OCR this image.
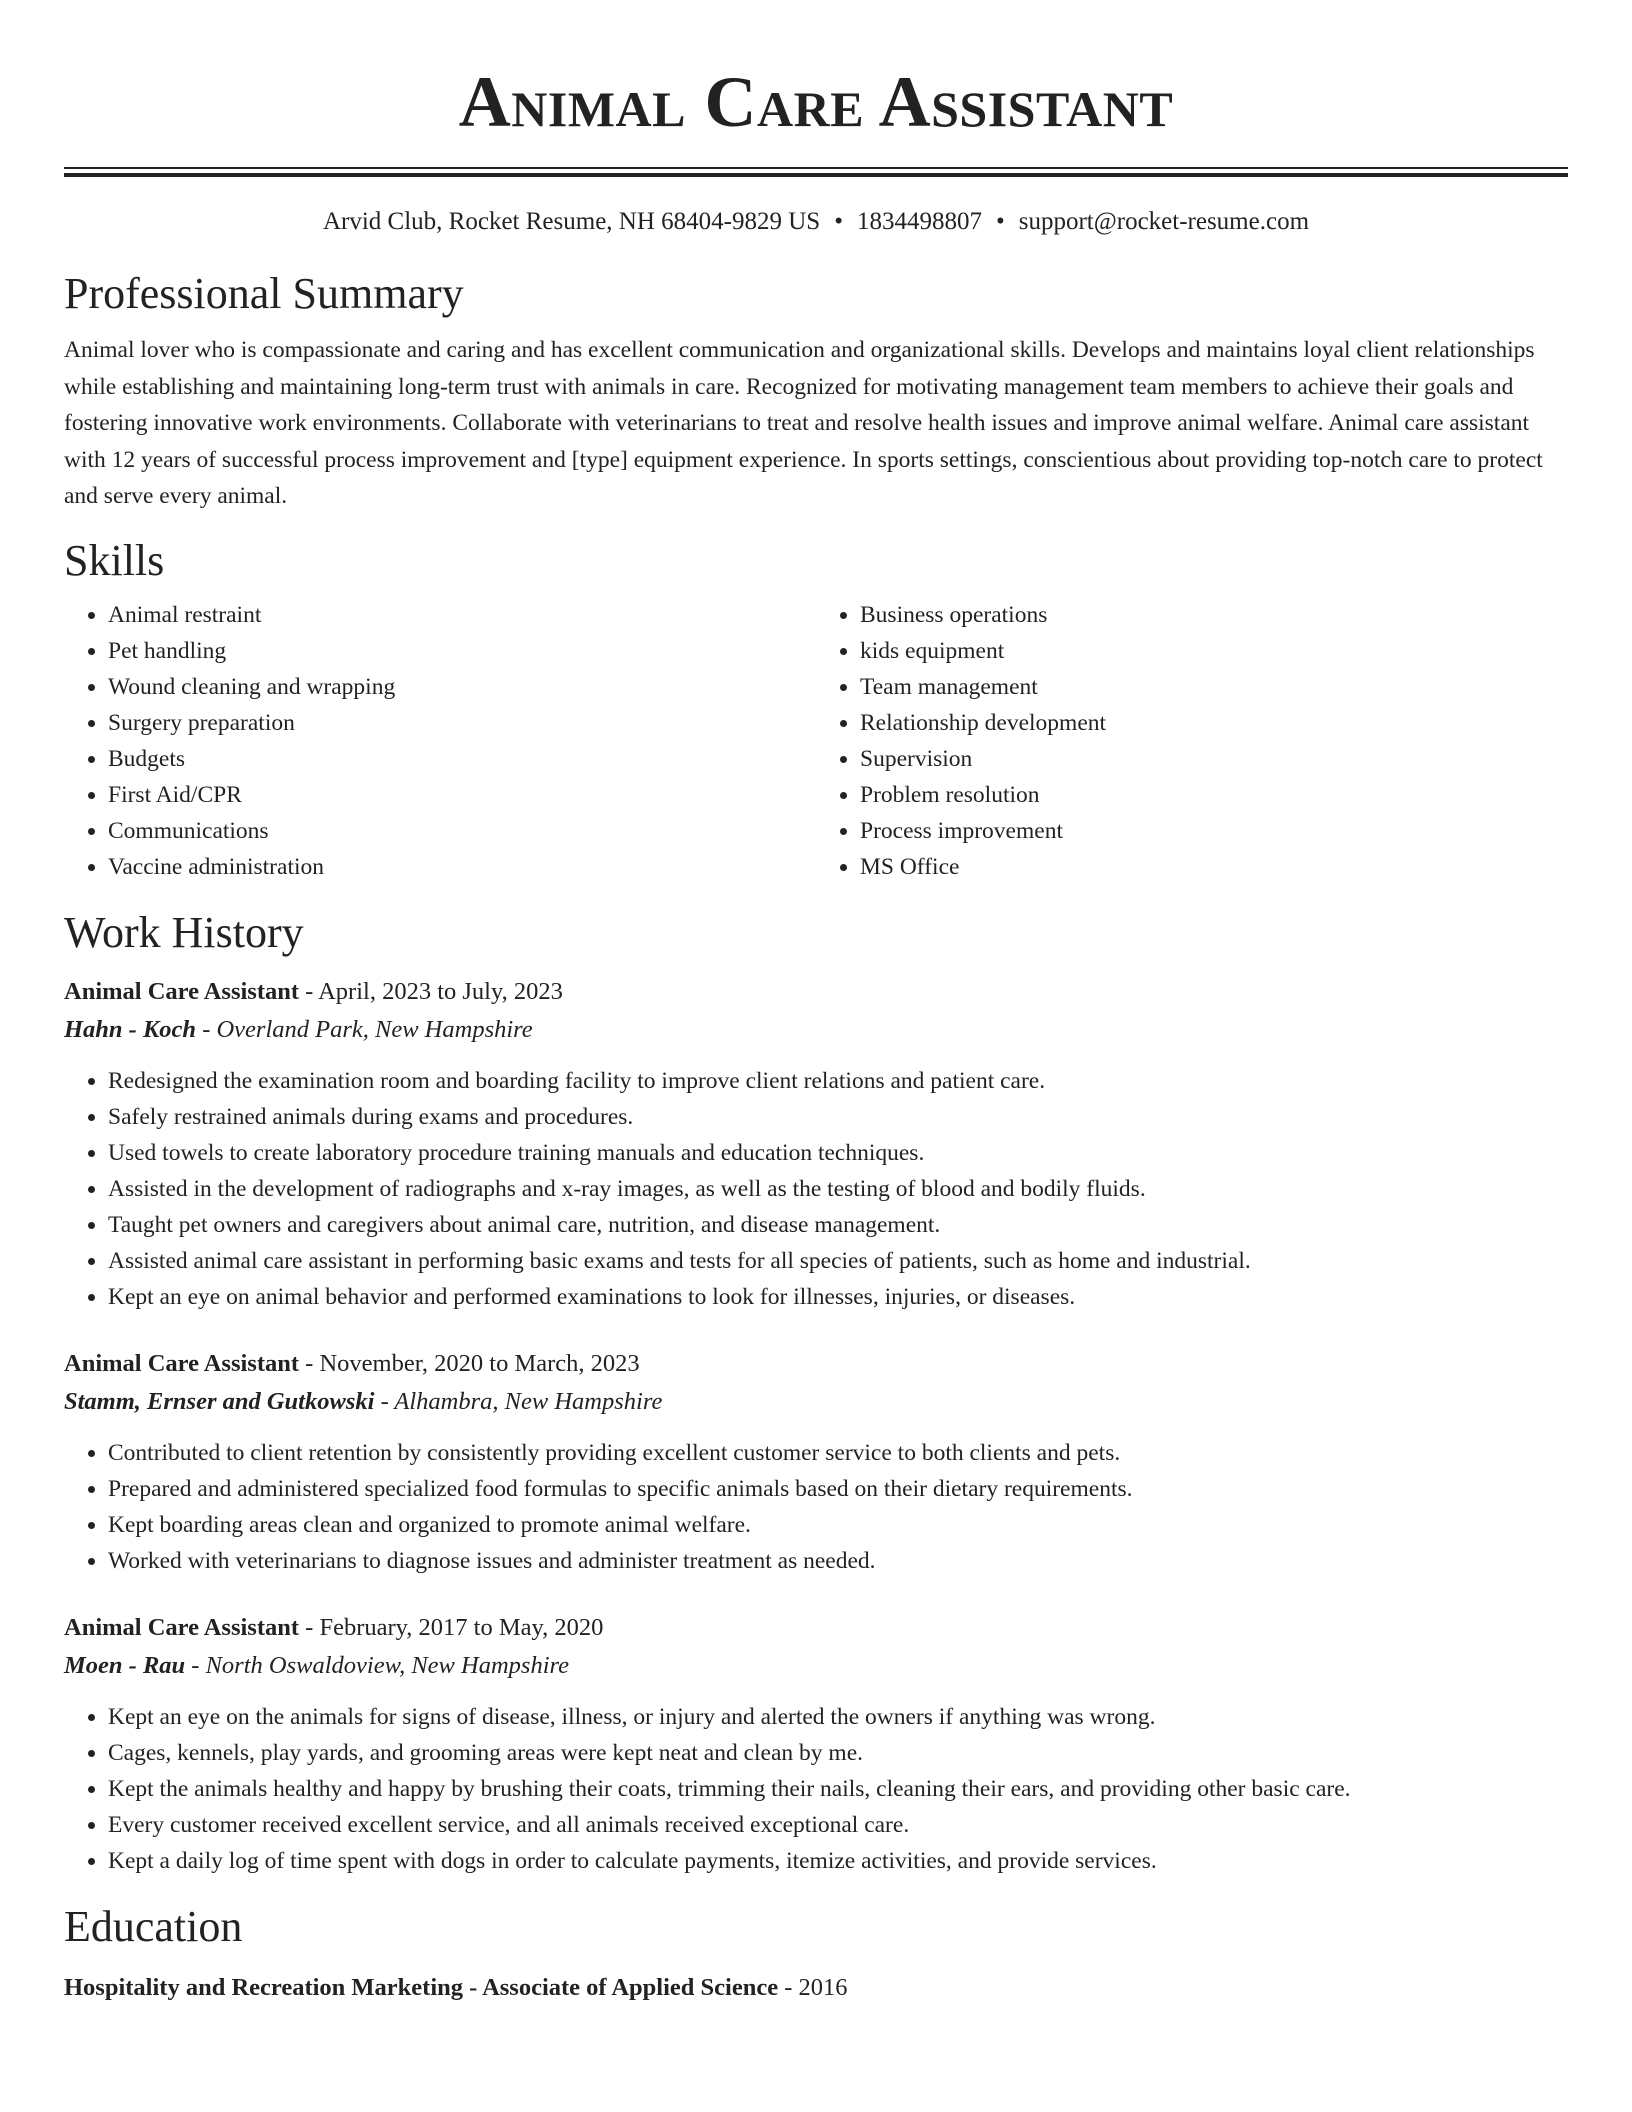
Animal Care Assistant
Arvid Club, Rocket Resume, NH 68404-9829 US • 1834498807 • support@rocket-resume.com
Professional Summary

Animal lover who is compassionate and caring and has excellent communication and organizational skills. Develops and maintains loyal client relationships while establishing and maintaining long-term trust with animals in care. Recognized for motivating management team members to achieve their goals and fostering innovative work environments. Collaborate with veterinarians to treat and resolve health issues and improve animal welfare. Animal care assistant with 12 years of successful process improvement and [type] equipment experience. In sports settings, conscientious about providing top-notch care to protect and serve every animal.

Skills
• Animal restraint
• Pet handling
• Wound cleaning and wrapping
• Surgery preparation
• Budgets
• First Aid/CPR
• Communications
• Vaccine administration
• Business operations
• kids equipment
• Team management
• Relationship development
• Supervision
• Problem resolution
• Process improvement
• MS Office
Work History
Animal Care Assistant - April, 2023 to July, 2023
Hahn - Koch - Overland Park, New Hampshire
• Redesigned the examination room and boarding facility to improve client relations and patient care.
• Safely restrained animals during exams and procedures.
• Used towels to create laboratory procedure training manuals and education techniques.
• Assisted in the development of radiographs and x-ray images, as well as the testing of blood and bodily fluids.
• Taught pet owners and caregivers about animal care, nutrition, and disease management.
• Assisted animal care assistant in performing basic exams and tests for all species of patients, such as home and industrial.
• Kept an eye on animal behavior and performed examinations to look for illnesses, injuries, or diseases.
Animal Care Assistant - November, 2020 to March, 2023
Stamm, Ernser and Gutkowski - Alhambra, New Hampshire
• Contributed to client retention by consistently providing excellent customer service to both clients and pets.
• Prepared and administered specialized food formulas to specific animals based on their dietary requirements.
• Kept boarding areas clean and organized to promote animal welfare.
• Worked with veterinarians to diagnose issues and administer treatment as needed.
Animal Care Assistant - February, 2017 to May, 2020
Moen - Rau - North Oswaldoview, New Hampshire
• Kept an eye on the animals for signs of disease, illness, or injury and alerted the owners if anything was wrong.
• Cages, kennels, play yards, and grooming areas were kept neat and clean by me.
• Kept the animals healthy and happy by brushing their coats, trimming their nails, cleaning their ears, and providing other basic care.
• Every customer received excellent service, and all animals received exceptional care.
• Kept a daily log of time spent with dogs in order to calculate payments, itemize activities, and provide services.
Education
Hospitality and Recreation Marketing - Associate of Applied Science - 2016
